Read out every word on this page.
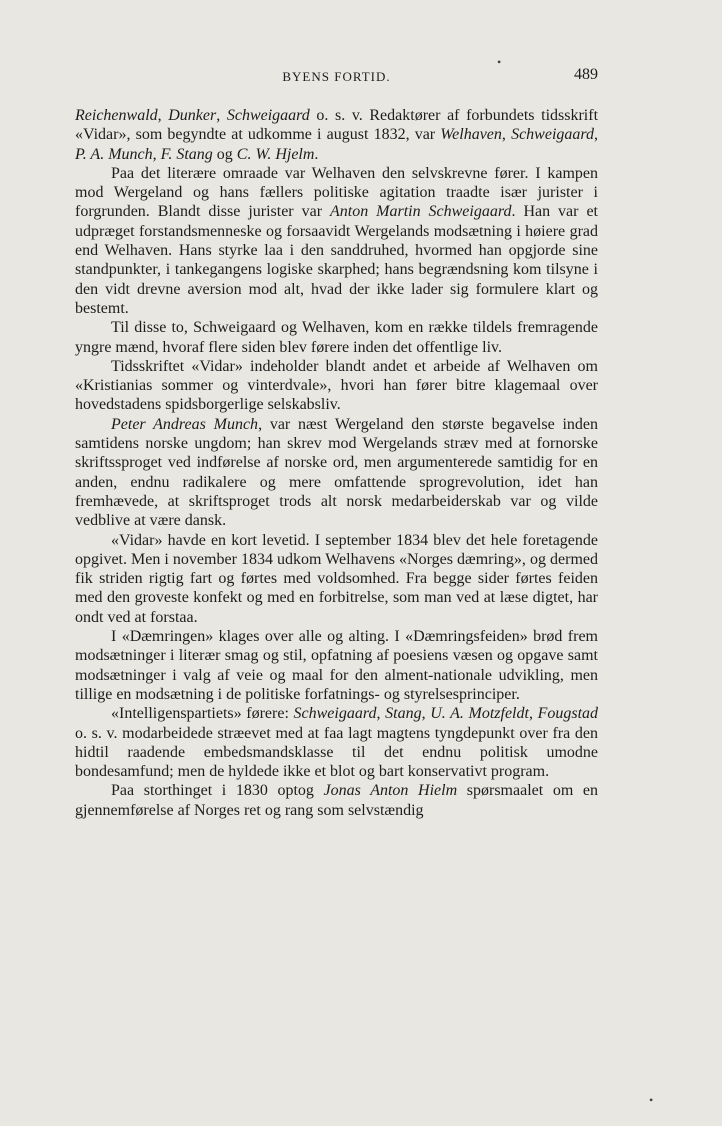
•
•
BYENS FORTID.	489

Reichenwald, Dunker, Schweigaard o. s. v. Redaktører af forbundets tidsskrift «Vidar», som begyndte at udkomme i august 1832, var Welhaven, Schweigaard, P. A. Munch, F. Stang og C. W. Hjelm.

Paa det literære omraade var Welhaven den selvskrevne fører. I kampen mod Wergeland og hans fællers politiske agitation traadte især jurister i forgrunden. Blandt disse jurister var Anton Martin Schweigaard. Han var et udpræget forstandsmenneske og forsaavidt Wergelands modsætning i høiere grad end Welhaven. Hans styrke laa i den sanddruhed, hvormed han opgjorde sine standpunkter, i tankegangens logiske skarphed; hans begrændsning kom tilsyne i den vidt drevne aversion mod alt, hvad der ikke lader sig formulere klart og bestemt.

Til disse to, Schweigaard og Welhaven, kom en række tildels fremragende yngre mænd, hvoraf flere siden blev førere inden det offentlige liv.

Tidsskriftet «Vidar» indeholder blandt andet et arbeide af Welhaven om «Kristianias sommer og vinterdvale», hvori han fører bitre klagemaal over hovedstadens spidsborgerlige selskabsliv.

Peter Andreas Munch, var næst Wergeland den største begavelse inden samtidens norske ungdom; han skrev mod Wergelands stræv med at fornorske skriftssproget ved indførelse af norske ord, men argumenterede samtidig for en anden, endnu radikalere og mere omfattende sprogrevolution, idet han fremhævede, at skriftsproget trods alt norsk medarbeiderskab var og vilde vedblive at være dansk.

«Vidar» havde en kort levetid. I september 1834 blev det hele foretagende opgivet. Men i november 1834 udkom Welhavens «Norges dæmring», og dermed fik striden rigtig fart og førtes med voldsomhed. Fra begge sider førtes feiden med den groveste konfekt og med en forbitrelse, som man ved at læse digtet, har ondt ved at forstaa.

I «Dæmringen» klages over alle og alting. I «Dæmringsfeiden» brød frem modsætninger i literær smag og stil, opfatning af poesiens væsen og opgave samt modsætninger i valg af veie og maal for den alment-nationale udvikling, men tillige en modsætning i de politiske forfatnings- og styrelsesprinciper.

«Intelligenspartiets» førere: Schweigaard, Stang, U. A. Motzfeldt, Fougstad o. s. v. modarbeidede stræevet med at faa lagt magtens tyngdepunkt over fra den hidtil raadende embedsmandsklasse til det endnu politisk umodne bondesamfund; men de hyldede ikke et blot og bart konservativt program.

Paa storthinget i 1830 optog Jonas Anton Hielm spørsmaalet om en gjennemførelse af Norges ret og rang som selvstændig
